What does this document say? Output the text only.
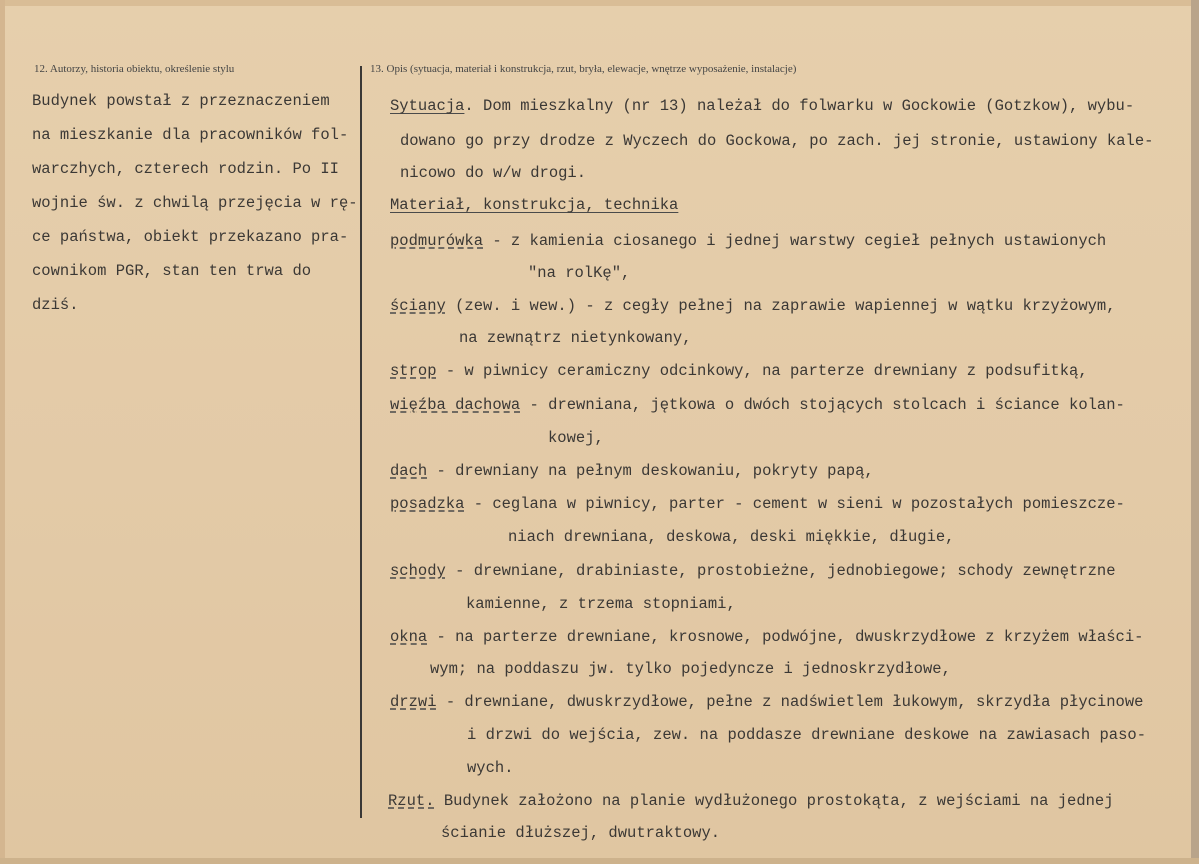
12. Autorzy, historia obiektu, określenie stylu	13. Opis (sytuacja, materiał i konstrukcja, rzut, bryła, elewacje, wnętrze wyposażenie, instalacje)
Budynek powstał z przeznaczeniem
na mieszkanie dla pracowników fol-
warczhych, czterech rodzin. Po II
wojnie św. z chwilą przejęcia w rę-
ce państwa, obiekt przekazano pra-
cownikom PGR, stan ten trwa do
dziś.
Sytuacja. Dom mieszkalny (nr 13) należał do folwarku w Gockowie (Gotzkow), wybu-
dowano go przy drodze z Wyczech do Gockowa, po zach. jej stronie, ustawiony kale-
nicowo do w/w drogi.
Materiał, konstrukcja, technika
podmurówka - z kamienia ciosanego i jednej warstwy cegieł pełnych ustawionych
"na rolKę",
ściany (zew. i wew.) - z cegły pełnej na zaprawie wapiennej w wątku krzyżowym,
na zewnątrz nietynkowany,
strop - w piwnicy ceramiczny odcinkowy, na parterze drewniany z podsufitką,
więźba dachowa - drewniana, jętkowa o dwóch stojących stolcach i ściance kolan-
kowej,
dach - drewniany na pełnym deskowaniu, pokryty papą,
posadzka - ceglana w piwnicy, parter - cement w sieni w pozostałych pomieszcze-
niach drewniana, deskowa, deski miękkie, długie,
schody - drewniane, drabiniaste, prostobieżne, jednobiegowe; schody zewnętrzne
kamienne, z trzema stopniami,
okna - na parterze drewniane, krosnowe, podwójne, dwuskrzydłowe z krzyżem właści-
wym; na poddaszu jw. tylko pojedyncze i jednoskrzydłowe,
drzwi - drewniane, dwuskrzydłowe, pełne z nadświetlem łukowym, skrzydła płycinowe
i drzwi do wejścia, zew. na poddasze drewniane deskowe na zawiasach paso-
wych.
Rzut. Budynek założono na planie wydłużonego prostokąta, z wejściami na jednej
ścianie dłuższej, dwutraktowy.
